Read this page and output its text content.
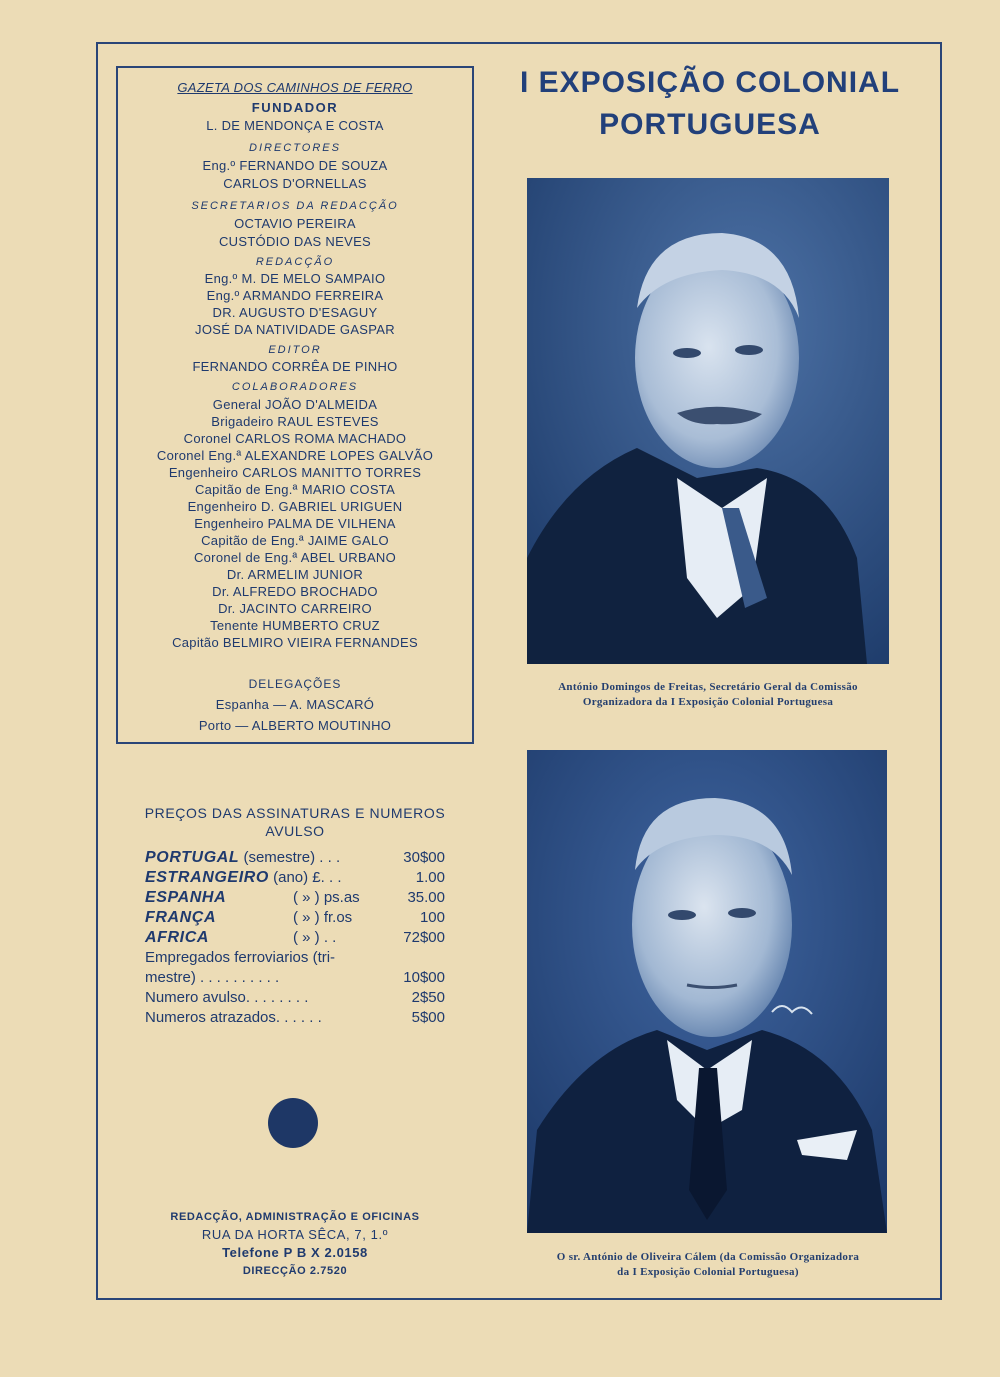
GAZETA DOS CAMINHOS DE FERRO
FUNDADOR
L. DE MENDONÇA E COSTA
DIRECTORES
Eng.º FERNANDO DE SOUZA
CARLOS D'ORNELLAS
SECRETARIOS DA REDACÇÃO
OCTAVIO PEREIRA
CUSTÓDIO DAS NEVES
REDACÇÃO
Eng.º M. DE MELO SAMPAIO
Eng.º ARMANDO FERREIRA
DR. AUGUSTO D'ESAGUY
JOSÉ DA NATIVIDADE GASPAR
EDITOR
FERNANDO CORRÊA DE PINHO
COLABORADORES
General JOÃO D'ALMEIDA
Brigadeiro RAUL ESTEVES
Coronel CARLOS ROMA MACHADO
Coronel Eng.ª ALEXANDRE LOPES GALVÃO
Engenheiro CARLOS MANITTO TORRES
Capitão de Eng.ª MARIO COSTA
Engenheiro D. GABRIEL URIGUEN
Engenheiro PALMA DE VILHENA
Capitão de Eng.ª JAIME GALO
Coronel de Eng.ª ABEL URBANO
Dr. ARMELIM JUNIOR
Dr. ALFREDO BROCHADO
Dr. JACINTO CARREIRO
Tenente HUMBERTO CRUZ
Capitão BELMIRO VIEIRA FERNANDES
DELEGAÇÕES
Espanha — A. MASCARÓ
Porto — ALBERTO MOUTINHO
PREÇOS DAS ASSINATURAS E NUMEROS
AVULSO
PORTUGAL (semestre) . . .	30$00
ESTRANGEIRO (ano) £. . .	1.00
ESPANHA	( » ) ps.as	35.00
FRANÇA	( » ) fr.os	100
AFRICA	( » ) . .	72$00
Empregados ferroviarios (tri-
mestre) . . . . . . . . . .	10$00
Numero avulso. . . . . . . .	2$50
Numeros atrazados. . . . . .	5$00
REDACÇÃO, ADMINISTRAÇÃO E OFICINAS
RUA DA HORTA SÊCA, 7, 1.º
Telefone P B X 2.0158
DIRECÇÃO 2.7520
I EXPOSIÇÃO COLONIAL
PORTUGUESA
António Domingos de Freitas, Secretário Geral da Comissão
Organizadora da I Exposição Colonial Portuguesa
O sr. António de Oliveira Cálem (da Comissão Organizadora
da I Exposição Colonial Portuguesa)
